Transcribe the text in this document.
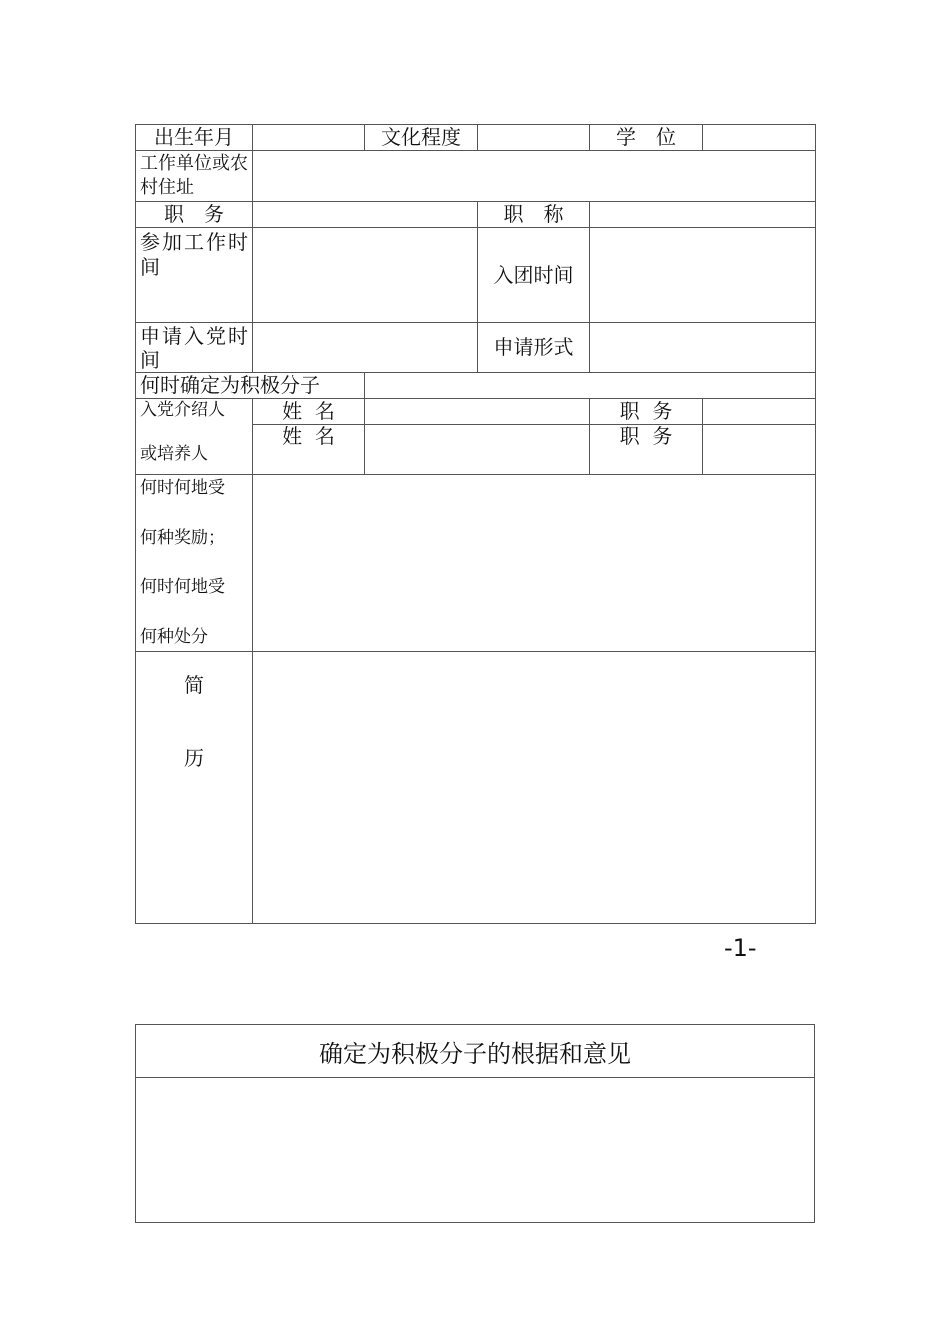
出生年月		文化程度		学　位	
工作单位或农村住址					
职　务			职　称		
参加工作时　　间			入团时间		
申请入党时　　间			申请形式		
何时确定为积极分子					

入党介绍人
或培养人	姓  名			职  务	
	姓  名			职  务	

何时何地受
何种奖励；
何时何地受
何种处分					

简
历					

-1-
确定为积极分子的根据和意见
